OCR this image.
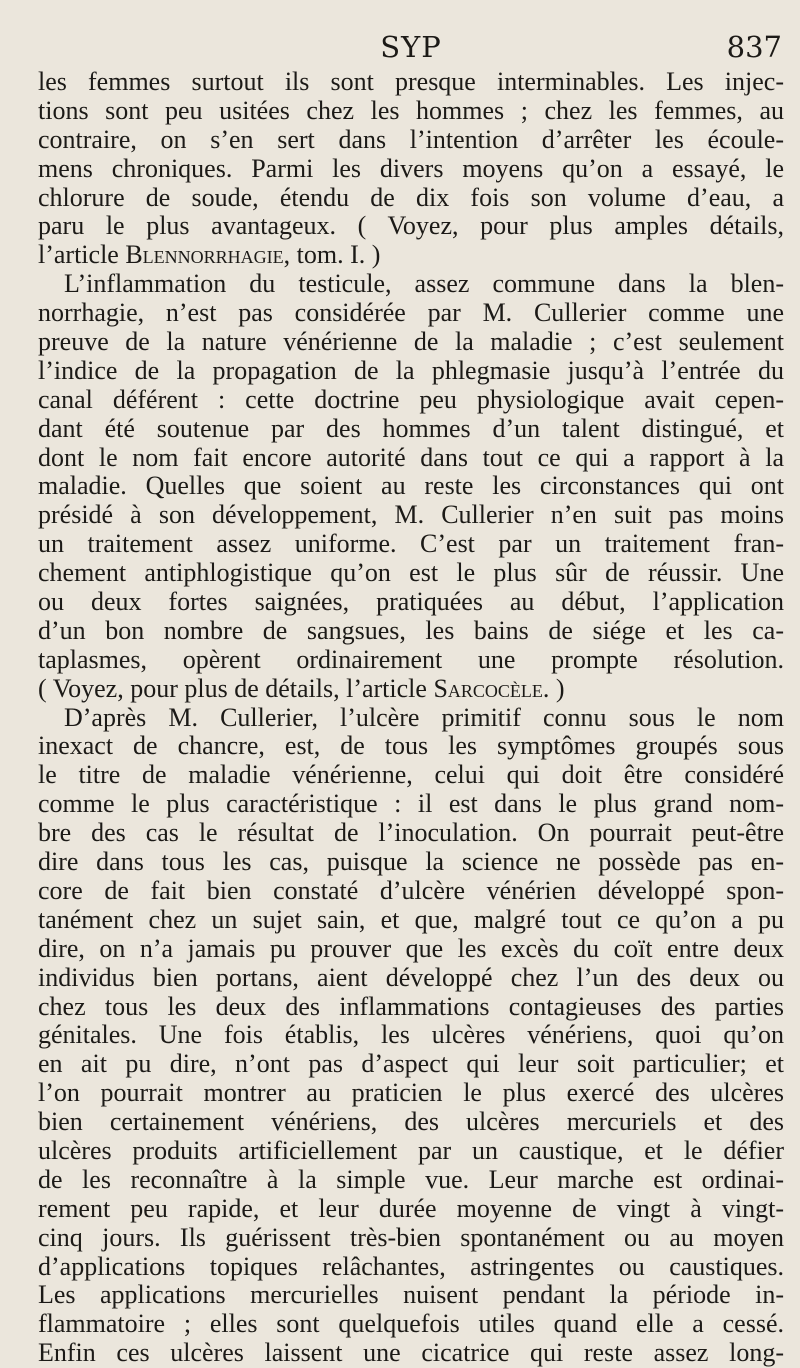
SYP	837
les femmes surtout ils sont presque interminables. Les injec-
tions sont peu usitées chez les hommes ; chez les femmes, au
contraire, on s’en sert dans l’intention d’arrêter les écoule-
mens chroniques. Parmi les divers moyens qu’on a essayé, le
chlorure de soude, étendu de dix fois son volume d’eau, a
paru le plus avantageux. ( Voyez, pour plus amples détails,
l’article Blennorrhagie, tom. I. )
L’inflammation du testicule, assez commune dans la blen-
norrhagie, n’est pas considérée par M. Cullerier comme une
preuve de la nature vénérienne de la maladie ; c’est seulement
l’indice de la propagation de la phlegmasie jusqu’à l’entrée du
canal déférent : cette doctrine peu physiologique avait cepen-
dant été soutenue par des hommes d’un talent distingué, et
dont le nom fait encore autorité dans tout ce qui a rapport à la
maladie. Quelles que soient au reste les circonstances qui ont
présidé à son développement, M. Cullerier n’en suit pas moins
un traitement assez uniforme. C’est par un traitement fran-
chement antiphlogistique qu’on est le plus sûr de réussir. Une
ou deux fortes saignées, pratiquées au début, l’application
d’un bon nombre de sangsues, les bains de siége et les ca-
taplasmes, opèrent ordinairement une prompte résolution.
( Voyez, pour plus de détails, l’article Sarcocèle. )
D’après M. Cullerier, l’ulcère primitif connu sous le nom
inexact de chancre, est, de tous les symptômes groupés sous
le titre de maladie vénérienne, celui qui doit être considéré
comme le plus caractéristique : il est dans le plus grand nom-
bre des cas le résultat de l’inoculation. On pourrait peut-être
dire dans tous les cas, puisque la science ne possède pas en-
core de fait bien constaté d’ulcère vénérien développé spon-
tanément chez un sujet sain, et que, malgré tout ce qu’on a pu
dire, on n’a jamais pu prouver que les excès du coït entre deux
individus bien portans, aient développé chez l’un des deux ou
chez tous les deux des inflammations contagieuses des parties
génitales. Une fois établis, les ulcères vénériens, quoi qu’on
en ait pu dire, n’ont pas d’aspect qui leur soit particulier; et
l’on pourrait montrer au praticien le plus exercé des ulcères
bien certainement vénériens, des ulcères mercuriels et des
ulcères produits artificiellement par un caustique, et le défier
de les reconnaître à la simple vue. Leur marche est ordinai-
rement peu rapide, et leur durée moyenne de vingt à vingt-
cinq jours. Ils guérissent très-bien spontanément ou au moyen
d’applications topiques relâchantes, astringentes ou caustiques.
Les applications mercurielles nuisent pendant la période in-
flammatoire ; elles sont quelquefois utiles quand elle a cessé.
Enfin ces ulcères laissent une cicatrice qui reste assez long-
